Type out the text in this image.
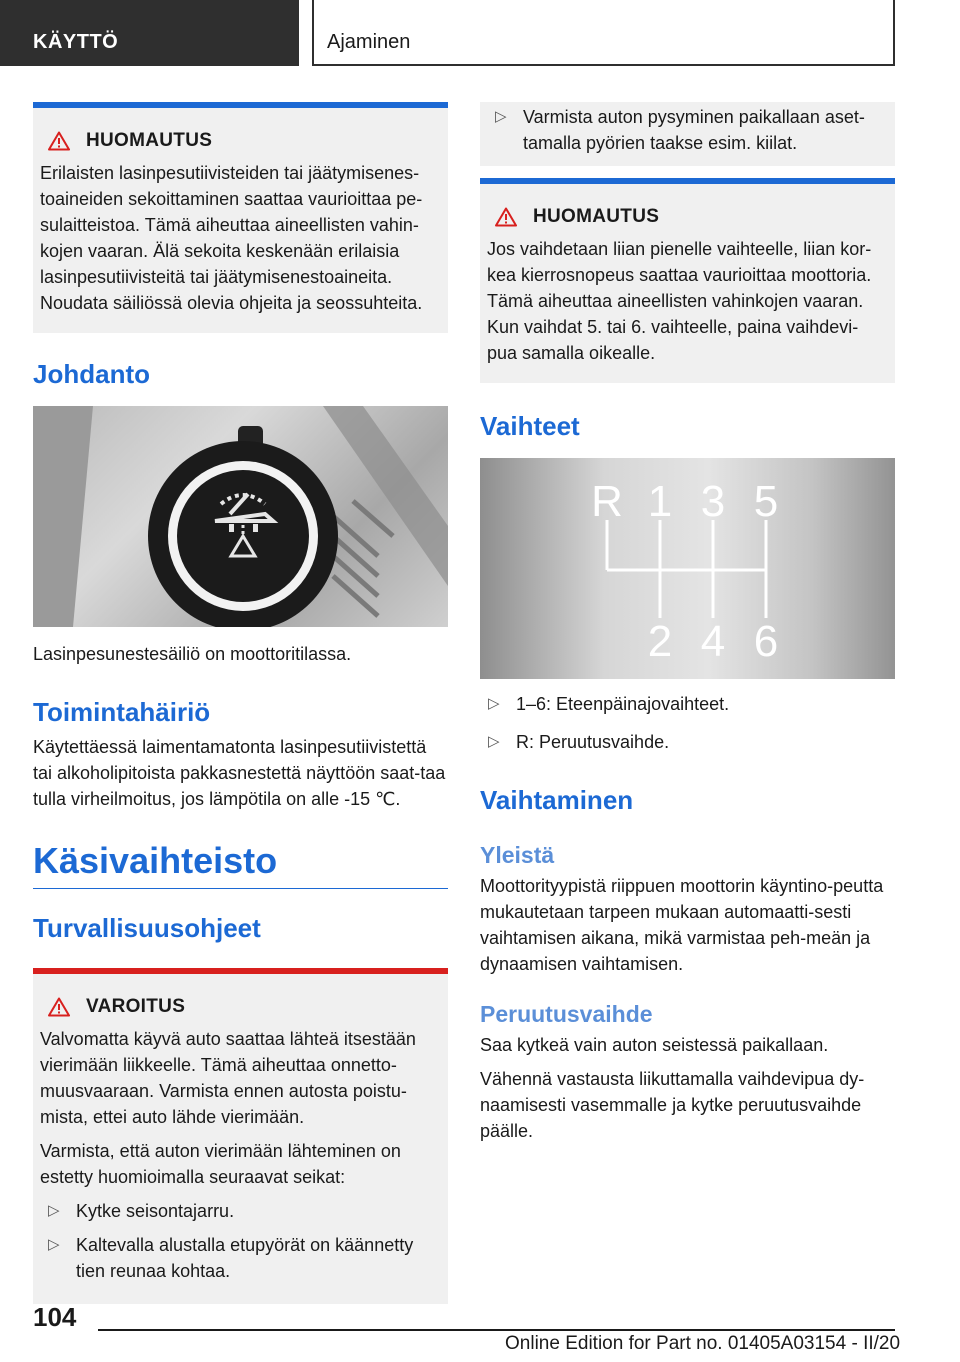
KÄYTTÖ	Ajaminen
HUOMAUTUS

Erilaisten lasinpesutiivisteiden tai jäätymisenes-toaineiden sekoittaminen saattaa vaurioittaa pe-sulaitteistoa. Tämä aiheuttaa aineellisten vahin-kojen vaaran. Älä sekoita keskenään erilaisia lasinpesutiivisteitä tai jäätymisenestoaineita. Noudata säiliössä olevia ohjeita ja seossuhteita.

Johdanto

Lasinpesunestesäiliö on moottoritilassa.

Toimintahäiriö

Käytettäessä laimentamatonta lasinpesutiivistettä tai alkoholipitoista pakkasnestettä näyttöön saat-taa tulla virheilmoitus, jos lämpötila on alle -15 ℃.

Käsivaihteisto
Turvallisuusohjeet
VAROITUS

Valvomatta käyvä auto saattaa lähteä itsestään vierimään liikkeelle. Tämä aiheuttaa onnetto-muusvaaraan. Varmista ennen autosta poistu-mista, ettei auto lähde vierimään.

Varmista, että auton vierimään lähteminen on estetty huomioimalla seuraavat seikat:

▷ Kytke seisontajarru.
▷ Kaltevalla alustalla etupyörät on käännetty tien reunaa kohtaa.
▷ Varmista auton pysyminen paikallaan aset-tamalla pyörien taakse esim. kiilat.
HUOMAUTUS

Jos vaihdetaan liian pienelle vaihteelle, liian kor-kea kierrosnopeus saattaa vaurioittaa moottoria. Tämä aiheuttaa aineellisten vahinkojen vaaran. Kun vaihdat 5. tai 6. vaihteelle, paina vaihdevi-pua samalla oikealle.

Vaihteet
R 1 3 5
2 4 6
▷ 1–6: Eteenpäinajovaihteet.
▷ R: Peruutusvaihde.
Vaihtaminen
Yleistä

Moottorityypistä riippuen moottorin käyntino-peutta mukautetaan tarpeen mukaan automaatti-sesti vaihtamisen aikana, mikä varmistaa peh-meän ja dynaamisen vaihtamisen.

Peruutusvaihde

Saa kytkeä vain auton seistessä paikallaan.

Vähennä vastausta liikuttamalla vaihdevipua dy-naamisesti vasemmalle ja kytke peruutusvaihde päälle.

104
Online Edition for Part no. 01405A03154 - II/20
